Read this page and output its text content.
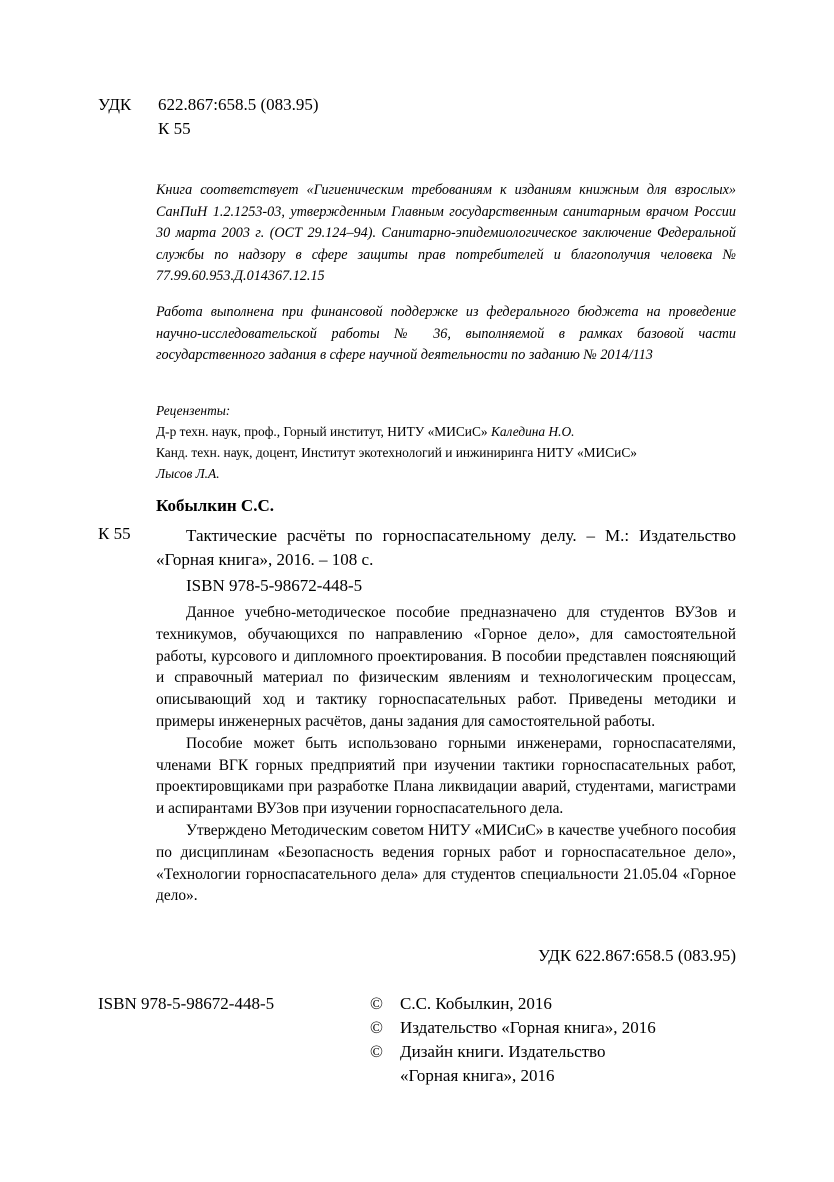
УДК 622.867:658.5 (083.95)
К 55
Книга соответствует «Гигиеническим требованиям к изданиям книжным для взрослых» СанПиН 1.2.1253-03, утвержденным Главным государственным санитарным врачом России 30 марта 2003 г. (ОСТ 29.124–94). Санитарно-эпидемиологическое заключение Федеральной службы по надзору в сфере защиты прав потребителей и благополучия человека № 77.99.60.953.Д.014367.12.15
Работа выполнена при финансовой поддержке из федерального бюджета на проведение научно-исследовательской работы № 36, выполняемой в рамках базовой части государственного задания в сфере научной деятельности по заданию № 2014/113
Рецензенты:
Д-р техн. наук, проф., Горный институт, НИТУ «МИСиС» Каледина Н.О.
Канд. техн. наук, доцент, Институт экотехнологий и инжиниринга НИТУ «МИСиС»
Лысов Л.А.
Кобылкин С.С.
К 55	Тактические расчёты по горноспасательному делу. – М.: Издательство «Горная книга», 2016. – 108 с.

ISBN 978-5-98672-448-5

Данное учебно-методическое пособие предназначено для студентов ВУЗов и техникумов, обучающихся по направлению «Горное дело», для самостоятельной работы, курсового и дипломного проектирования. В пособии представлен поясняющий и справочный материал по физическим явлениям и технологическим процессам, описывающий ход и тактику горноспасательных работ. Приведены методики и примеры инженерных расчётов, даны задания для самостоятельной работы.

Пособие может быть использовано горными инженерами, горноспасателями, членами ВГК горных предприятий при изучении тактики горноспасательных работ, проектировщиками при разработке Плана ликвидации аварий, студентами, магистрами и аспирантами ВУЗов при изучении горноспасательного дела.

Утверждено Методическим советом НИТУ «МИСиС» в качестве учебного пособия по дисциплинам «Безопасность ведения горных работ и горноспасательное дело», «Технологии горноспасательного дела» для студентов специальности 21.05.04 «Горное дело».

УДК 622.867:658.5 (083.95)
ISBN 978-5-98672-448-5	©	С.С. Кобылкин, 2016
©	Издательство «Горная книга», 2016
©	Дизайн книги. Издательство
«Горная книга», 2016
